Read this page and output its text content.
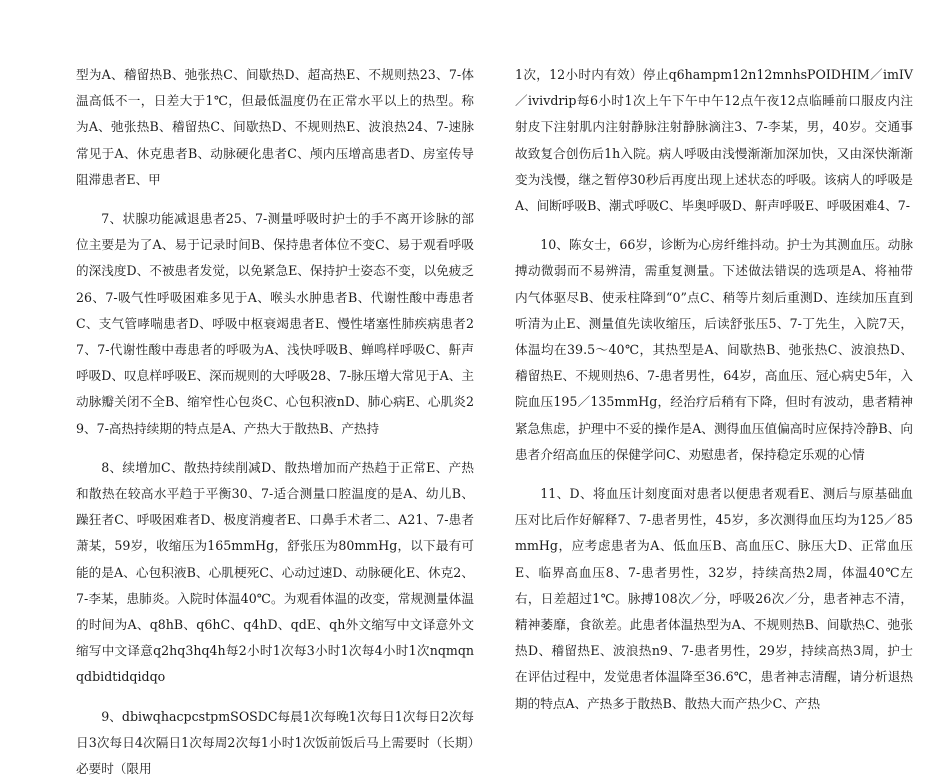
型为A、稽留热B、弛张热C、间歇热D、超高热E、不规则热23、7-体温高低不一，日差大于1℃，但最低温度仍在正常水平以上的热型。称为A、弛张热B、稽留热C、间歇热D、不规则热E、波浪热24、7-速脉常见于A、休克患者B、动脉硬化患者C、颅内压增高患者D、房室传导阻滞患者E、甲

7、状腺功能减退患者25、7-测量呼吸时护士的手不离开诊脉的部位主要是为了A、易于记录时间B、保持患者体位不变C、易于观看呼吸的深浅度D、不被患者发觉，以免紧急E、保持护士姿态不变，以免疲乏26、7-吸气性呼吸困难多见于A、喉头水肿患者B、代谢性酸中毒患者C、支气管哮喘患者D、呼吸中枢衰竭患者E、慢性堵塞性肺疾病患者27、7-代谢性酸中毒患者的呼吸为A、浅快呼吸B、蝉鸣样呼吸C、鼾声呼吸D、叹息样呼吸E、深而规则的大呼吸28、7-脉压增大常见于A、主动脉瓣关闭不全B、缩窄性心包炎C、心包积液nD、肺心病E、心肌炎29、7-高热持续期的特点是A、产热大于散热B、产热持

8、续增加C、散热持续削减D、散热增加而产热趋于正常E、产热和散热在较高水平趋于平衡30、7-适合测量口腔温度的是A、幼儿B、躁狂者C、呼吸困难者D、极度消瘦者E、口鼻手术者二、A21、7-患者萧某，59岁，收缩压为165mmHg，舒张压为80mmHg，以下最有可能的是A、心包积液B、心肌梗死C、心动过速D、动脉硬化E、休克2、7-李某，患肺炎。入院时体温40℃。为观看体温的改变，常规测量体温的时间为A、q8hB、q6hC、q4hD、qdE、qh外文缩写中文译意外文缩写中文译意q2hq3hq4h每2小时1次每3小时1次每4小时1次nqmqnqdbidtidqidqo

9、dbiwqhacpcstpmSOSDC每晨1次每晚1次每日1次每日2次每日3次每日4次隔日1次每周2次每1小时1次饭前饭后马上需要时（长期）必要时（限用

1次，12小时内有效）停止q6hampm12n12mnhsPOIDHIM／imIV／ivivdrip每6小时1次上午下午中午12点午夜12点临睡前口服皮内注射皮下注射肌内注射静脉注射静脉滴注3、7-李某，男，40岁。交通事故致复合创伤后1h入院。病人呼吸由浅慢渐渐加深加快，又由深快渐渐变为浅慢，继之暂停30秒后再度出现上述状态的呼吸。该病人的呼吸是A、间断呼吸B、潮式呼吸C、毕奥呼吸D、鼾声呼吸E、呼吸困难4、7-

10、陈女士，66岁，诊断为心房纤维抖动。护士为其测血压。动脉搏动微弱而不易辨清，需重复测量。下述做法错误的选项是A、将袖带内气体驱尽B、使汞柱降到“0”点C、稍等片刻后重测D、连续加压直到听清为止E、测量值先读收缩压，后读舒张压5、7-丁先生，入院7天，体温均在39.5～40℃，其热型是A、间歇热B、弛张热C、波浪热D、稽留热E、不规则热6、7-患者男性，64岁，高血压、冠心病史5年，入院血压195／135mmHg，经治疗后稍有下降，但时有波动，患者精神紧急焦虑，护理中不妥的操作是A、测得血压值偏高时应保持冷静B、向患者介绍高血压的保健学问C、劝慰患者，保持稳定乐观的心情

11、D、将血压计刻度面对患者以便患者观看E、测后与原基础血压对比后作好解释7、7-患者男性，45岁，多次测得血压均为125／85mmHg，应考虑患者为A、低血压B、高血压C、脉压大D、正常血压E、临界高血压8、7-患者男性，32岁，持续高热2周，体温40℃左右，日差超过1℃。脉搏108次／分，呼吸26次／分，患者神志不清，精神萎靡，食欲差。此患者体温热型为A、不规则热B、间歇热C、弛张热D、稽留热E、波浪热n9、7-患者男性，29岁，持续高热3周，护士在评估过程中，发觉患者体温降至36.6℃，患者神志清醒，请分析退热期的特点A、产热多于散热B、散热大而产热少C、产热
